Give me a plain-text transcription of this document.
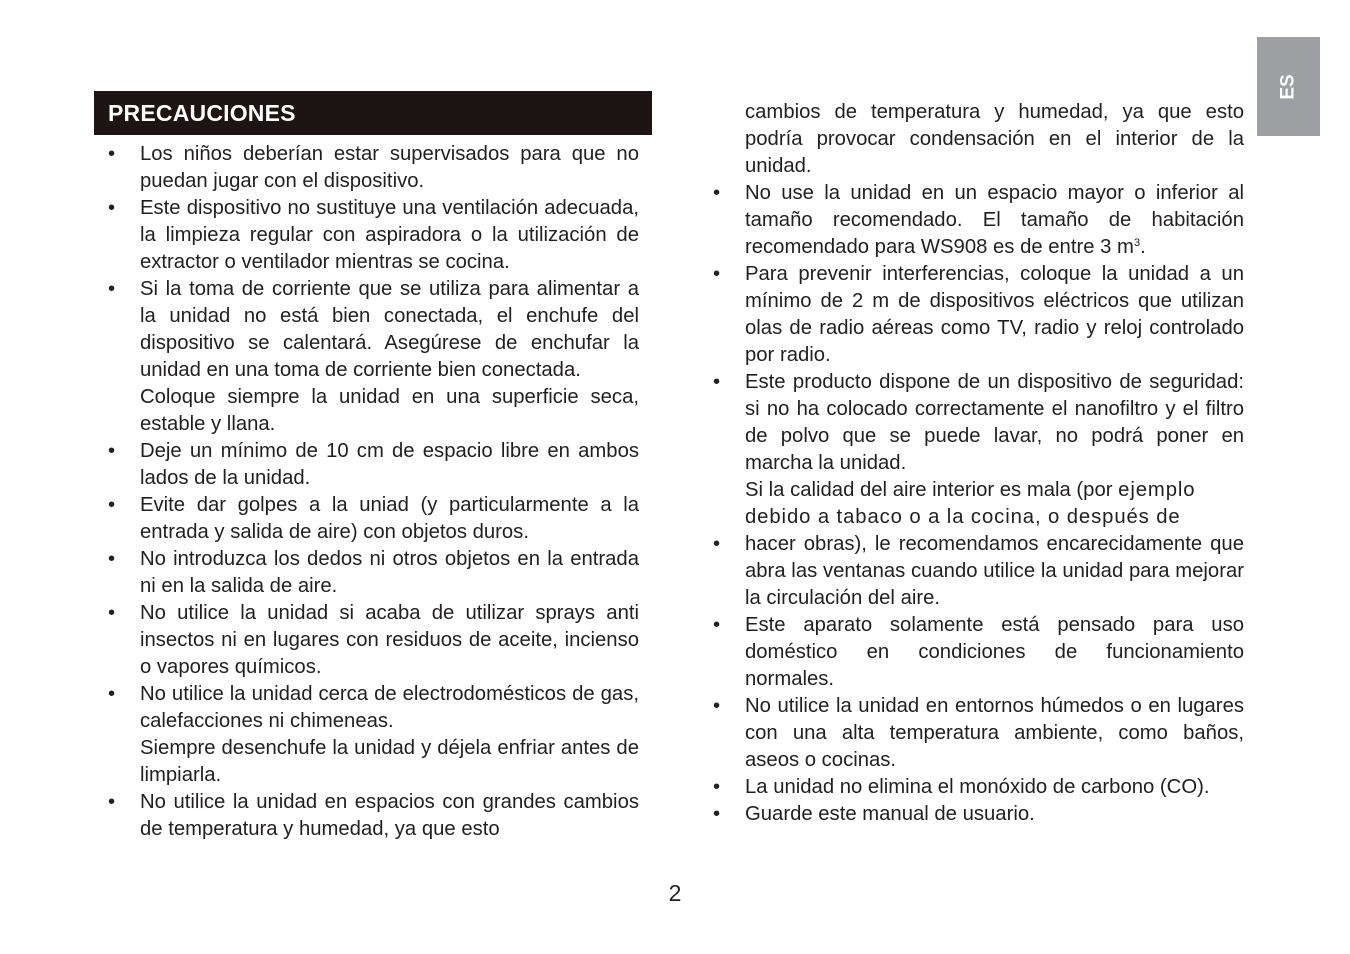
ES
PRECAUCIONES
• Los niños deberían estar supervisados para que no puedan jugar con el dispositivo.
• Este dispositivo no sustituye una ventilación adecuada, la limpieza regular con aspiradora o la utilización de extractor o ventilador mientras se cocina.
• Si la toma de corriente que se utiliza para alimentar a la unidad no está bien conectada, el enchufe del dispositivo se calentará. Asegúrese de enchufar la unidad en una toma de corriente bien conectada.

Coloque siempre la unidad en una superficie seca, estable y llana.

• Deje un mínimo de 10 cm de espacio libre en ambos lados de la unidad.
• Evite dar golpes a la uniad (y particularmente a la entrada y salida de aire) con objetos duros.
• No introduzca los dedos ni otros objetos en la entrada ni en la salida de aire.
• No utilice la unidad si acaba de utilizar sprays anti insectos ni en lugares con residuos de aceite, incienso o vapores químicos.
• No utilice la unidad cerca de electrodomésticos de gas, calefacciones ni chimeneas.

Siempre desenchufe la unidad y déjela enfriar antes de limpiarla.

• No utilice la unidad en espacios con grandes cambios de temperatura y humedad, ya que esto

cambios de temperatura y humedad, ya que esto podría provocar condensación en el interior de la unidad.

• No use la unidad en un espacio mayor o inferior al tamaño recomendado. El tamaño de habitación recomendado para WS908 es de entre 3 $m^3$.
• Para prevenir interferencias, coloque la unidad a un mínimo de 2 m de dispositivos eléctricos que utilizan olas de radio aéreas como TV, radio y reloj controlado por radio.
• Este producto dispone de un dispositivo de seguridad: si no ha colocado correctamente el nanofiltro y el filtro de polvo que se puede lavar, no podrá poner en marcha la unidad.

Si la calidad del aire interior es mala (por ejemplo

debido a tabaco o a la cocina, o después de

• hacer obras), le recomendamos encarecidamente que abra las ventanas cuando utilice la unidad para mejorar la circulación del aire.
• Este aparato solamente está pensado para uso doméstico en condiciones de funcionamiento normales.
• No utilice la unidad en entornos húmedos o en lugares con una alta temperatura ambiente, como baños, aseos o cocinas.
• La unidad no elimina el monóxido de carbono (CO).
• Guarde este manual de usuario.
2
